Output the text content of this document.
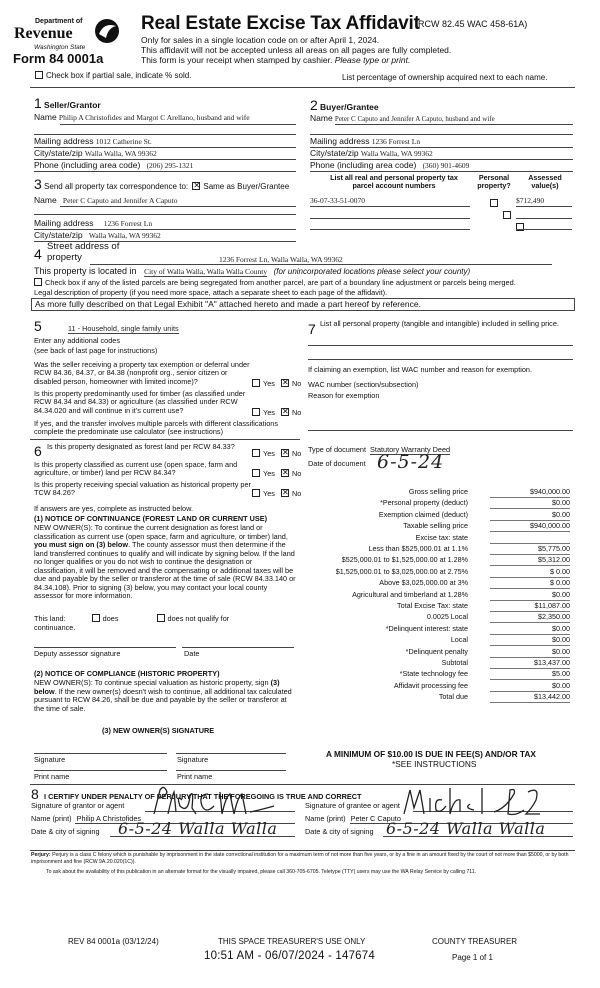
Department of
Revenue
Washington State
Form 84 0001a
Real Estate Excise Tax Affidavit
(RCW 82.45 WAC 458-61A)
Only for sales in a single location code on or after April 1, 2024.
This affidavit will not be accepted unless all areas on all pages are fully completed.
This form is your receipt when stamped by cashier. Please type or print.
Check box if partial sale, indicate % sold.	List percentage of ownership acquired next to each name.
1 Seller/Grantor
Name Philip A Christofides and Margot C Arellano, husband and wife
Mailing address 1012 Catherine St.
City/state/zip Walla Walla, WA 99362
Phone (including area code) (206) 295-1321
2 Buyer/Grantee
Name Peter C Caputo and Jennifer A Caputo, husband and wife
Mailing address 1236 Forrest Ln
City/state/zip Walla Walla, WA 99362
Phone (including area code) (360) 901-4609
3 Send all property tax correspondence to: ✕ Same as Buyer/Grantee
Name Peter C Caputo and Jennifer A Caputo
Mailing address 1236 Forrest Ln
City/state/zip Walla Walla, WA 99362
List all real and personal property tax
parcel account numbers
Personal
property?
Assessed
value(s)
36-07-33-51-0070
	$712,490

4 Street address of
property	1236 Forrest Ln, Walla Walla, WA 99362
This property is located in City of Walla Walla, Walla Walla County (for unincorporated locations please select your county)
Check box if any of the listed parcels are being segregated from another parcel, are part of a boundary line adjustment or parcels being merged.
Legal description of property (if you need more space, attach a separate sheet to each page of the affidavit).
As more fully described on that Legal Exhibit "A" attached hereto and made a part hereof by reference.
5	11 - Household, single family units
Enter any additional codes
(see back of last page for instructions)
Was the seller receiving a property tax exemption or deferral under RCW 84.36, 84.37, or 84.38 (nonprofit org., senior citizen or disabled person, homeowner with limited income)?	Yes ✕ No
Is this property predominantly used for timber (as classified under RCW 84.34 and 84.33) or agriculture (as classified under RCW 84.34.020 and will continue in it's current use?	Yes ✕ No
If yes, and the transfer involves multiple parcels with different classifications complete the predominate use calculator (see instructions)
7 List all personal property (tangible and intangible) included in selling price.
If claiming an exemption, list WAC number and reason for exemption.
WAC number (section/subsection)
Reason for exemption
Type of document Statutory Warranty Deed
Date of document 6-5-24
6 Is this property designated as forest land per RCW 84.33?
Yes ✕ No
Is this property classified as current use (open space, farm and agriculture, or timber) land per RCW 84.34?	Yes ✕ No
Is this property receiving special valuation as historical property per TCW 84.26?	Yes ✕ No
If answers are yes, complete as instructed below.
(1) NOTICE OF CONTINUANCE (FOREST LAND OR CURRENT USE)
NEW OWNER(S): To continue the current designation as forest land or classification as current use (open space, farm and agriculture, or timber) land, you must sign on (3) below. The county assessor must then determine if the land transferred continues to qualify and will indicate by signing below. If the land no longer qualifies or you do not wish to continue the designation or classification, it will be removed and the compensating or additional taxes will be due and payable by the seller or transferor at the time of sale (RCW 84.33.140 or 84.34.108). Prior to signing (3) below, you may contact your local county assessor for more information.
This land:	does	does not qualify for
continuance.
Deputy assessor signature	Date
(2) NOTICE OF COMPLIANCE (HISTORIC PROPERTY)
NEW OWNER(S): To continue special valuation as historic property, sign (3) below. If the new owner(s) doesn't wish to continue, all additional tax calculated pursuant to RCW 84.26, shall be due and payable by the seller or transferor at the time of sale.
(3) NEW OWNER(S) SIGNATURE
Signature	Signature
Print name	Print name
Gross selling price	$940,000.00
*Personal property (deduct)	$0.00
Exemption claimed (deduct)	$0.00
Taxable selling price	$940,000.00
Excise tax: state
Less than $525,000.01 at 1.1%	$5,775.00
$525,000.01 to $1,525,000.00 at 1.28%	$5,312.00
$1,525,000.01 to $3,025,000.00 at 2.75%	$ 0.00
Above $3,025,000.00 at 3%	$ 0.00
Agricultural and timberland at 1.28%	$0.00
Total Excise Tax: state	$11,087.00
0.0025 Local	$2,350.00
*Delinquent interest: state	$0.00
Local	$0.00
*Delinquent penalty	$0.00
Subtotal	$13,437.00
*State technology fee	$5.00
Affidavit processing fee	$0.00
Total due	$13,442.00
A MINIMUM OF $10.00 IS DUE IN FEE(S) AND/OR TAX
*SEE INSTRUCTIONS
8 I CERTIFY UNDER PENALTY OF PERJURY THAT THE FOREGOING IS TRUE AND CORRECT
Signature of grantor or agent
Name (print) Philip A Christofides
Date & city of signing 6-5-24 Walla Walla
Signature of grantee or agent
Name (print) Peter C Caputo
Date & city of signing 6-5-24 Walla Walla
Perjury: Perjury is a class C felony which is punishable by imprisonment in the state correctional institution for a maximum term of not more than five years, or by a fine in an amount fixed by the court of not more than $5000, or by both imprisonment and fine (RCW 9A.20.020(1C)).
To ask about the availability of this publication in an alternate format for the visually impaired, please call 360-705-6705. Teletype (TTY) users may use the WA Relay Service by calling 711.
REV 84 0001a (03/12/24)	THIS SPACE TREASURER'S USE ONLY	COUNTY TREASURER
10:51 AM - 06/07/2024 - 147674	Page 1 of 1
